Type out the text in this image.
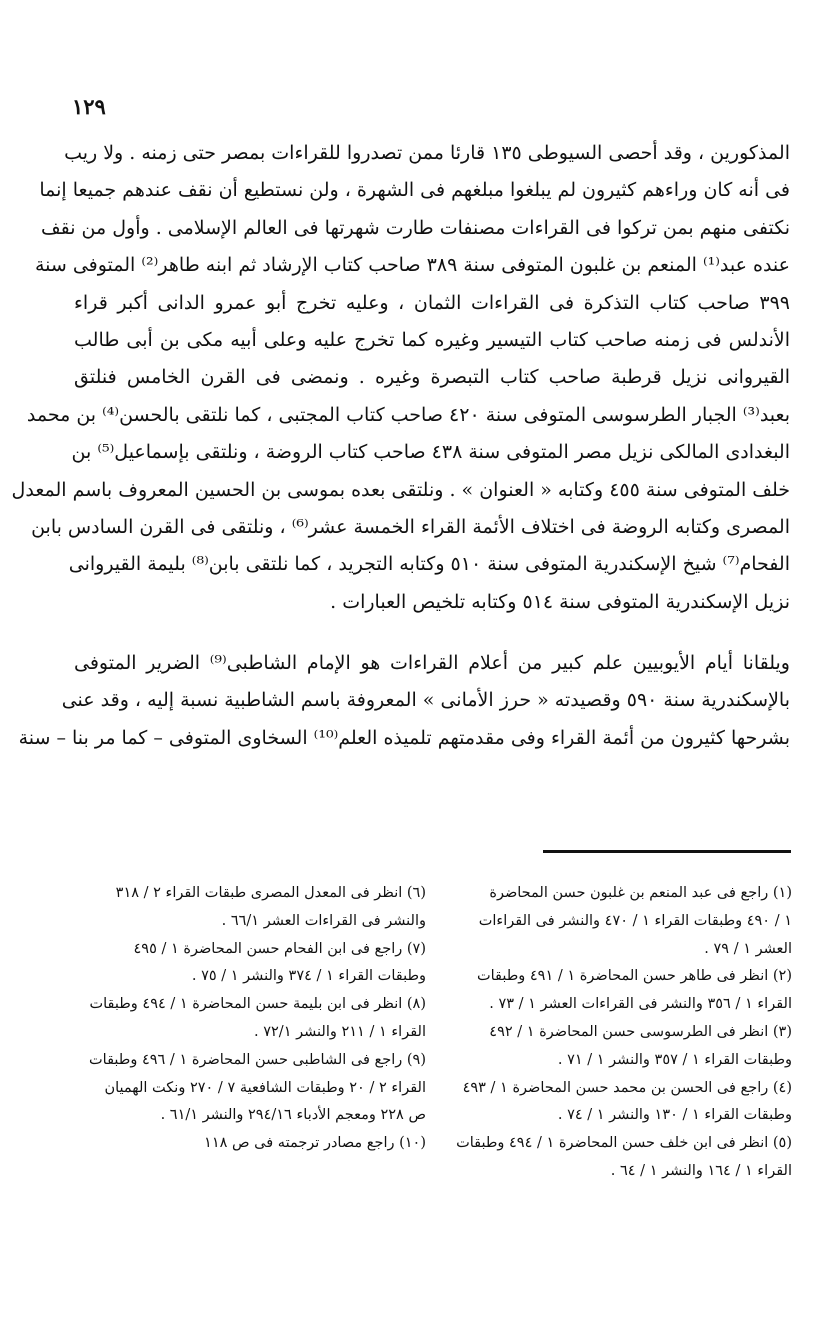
١٢٩
المذكورين ، وقد أحصى السيوطى ١٣٥ قارئا ممن تصدروا للقراءات بمصر حتى زمنه . ولا ريب
فى أنه كان وراءهم كثيرون لم يبلغوا مبلغهم فى الشهرة ، ولن نستطيع أن نقف عندهم جميعا إنما
نكتفى منهم بمن تركوا فى القراءات مصنفات طارت شهرتها فى العالم الإسلامى . وأول من نقف
عنده عبد⁽¹⁾ المنعم بن غلبون المتوفى سنة ٣٨٩ صاحب كتاب الإرشاد ثم ابنه طاهر⁽²⁾ المتوفى سنة
٣٩٩ صاحب كتاب التذكرة فى القراءات الثمان ، وعليه تخرج أبو عمرو الدانى أكبر قراء
الأندلس فى زمنه صاحب كتاب التيسير وغيره كما تخرج عليه وعلى أبيه مكى بن أبى طالب
القيروانى نزيل قرطبة صاحب كتاب التبصرة وغيره . ونمضى فى القرن الخامس فنلتق
بعبد⁽³⁾ الجبار الطرسوسى المتوفى سنة ٤٢٠ صاحب كتاب المجتبى ، كما نلتقى بالحسن⁽⁴⁾ بن محمد
البغدادى المالكى نزيل مصر المتوفى سنة ٤٣٨ صاحب كتاب الروضة ، ونلتقى بإسماعيل⁽⁵⁾ بن
خلف المتوفى سنة ٤٥٥ وكتابه « العنوان » . ونلتقى بعده بموسى بن الحسين المعروف باسم المعدل
المصرى وكتابه الروضة فى اختلاف الأئمة القراء الخمسة عشر⁽⁶⁾ ، ونلتقى فى القرن السادس بابن
الفحام⁽⁷⁾ شيخ الإسكندرية المتوفى سنة ٥١٠ وكتابه التجريد ، كما نلتقى بابن⁽⁸⁾ بليمة القيروانى
نزيل الإسكندرية المتوفى سنة ٥١٤ وكتابه تلخيص العبارات .
ويلقانا أيام الأيوبيين علم كبير من أعلام القراءات هو الإمام الشاطبى⁽⁹⁾ الضرير المتوفى
بالإسكندرية سنة ٥٩٠ وقصيدته « حرز الأمانى » المعروفة باسم الشاطبية نسبة إليه ، وقد عنى
بشرحها كثيرون من أئمة القراء وفى مقدمتهم تلميذه العلم⁽¹⁰⁾ السخاوى المتوفى – كما مر بنا – سنة
(١) راجع فى عبد المنعم بن غلبون حسن المحاضرة
١ / ٤٩٠ وطبقات القراء ١ / ٤٧٠ والنشر فى القراءات
العشر ١ / ٧٩ .
(٢) انظر فى طاهر حسن المحاضرة ١ / ٤٩١ وطبقات
القراء ١ / ٣٥٦ والنشر فى القراءات العشر ١ / ٧٣ .
(٣) انظر فى الطرسوسى حسن المحاضرة ١ / ٤٩٢
وطبقات القراء ١ / ٣٥٧ والنشر ١ / ٧١ .
(٤) راجع فى الحسن بن محمد حسن المحاضرة ١ / ٤٩٣
وطبقات القراء ١ / ١٣٠ والنشر ١ / ٧٤ .
(٥) انظر فى ابن خلف حسن المحاضرة ١ / ٤٩٤ وطبقات
القراء ١ / ١٦٤ والنشر ١ / ٦٤ .
(٦) انظر فى المعدل المصرى طبقات القراء ٢ / ٣١٨
والنشر فى القراءات العشر ٦٦/١ .
(٧) راجع فى ابن الفحام حسن المحاضرة ١ / ٤٩٥
وطبقات القراء ١ / ٣٧٤ والنشر ١ / ٧٥ .
(٨) انظر فى ابن بليمة حسن المحاضرة ١ / ٤٩٤ وطبقات
القراء ١ / ٢١١ والنشر ٧٢/١ .
(٩) راجع فى الشاطبى حسن المحاضرة ١ / ٤٩٦ وطبقات
القراء ٢ / ٢٠ وطبقات الشافعية ٧ / ٢٧٠ ونكت الهميان
ص ٢٢٨ ومعجم الأدباء ٢٩٤/١٦ والنشر ٦١/١ .
(١٠) راجع مصادر ترجمته فى ص ١١٨
